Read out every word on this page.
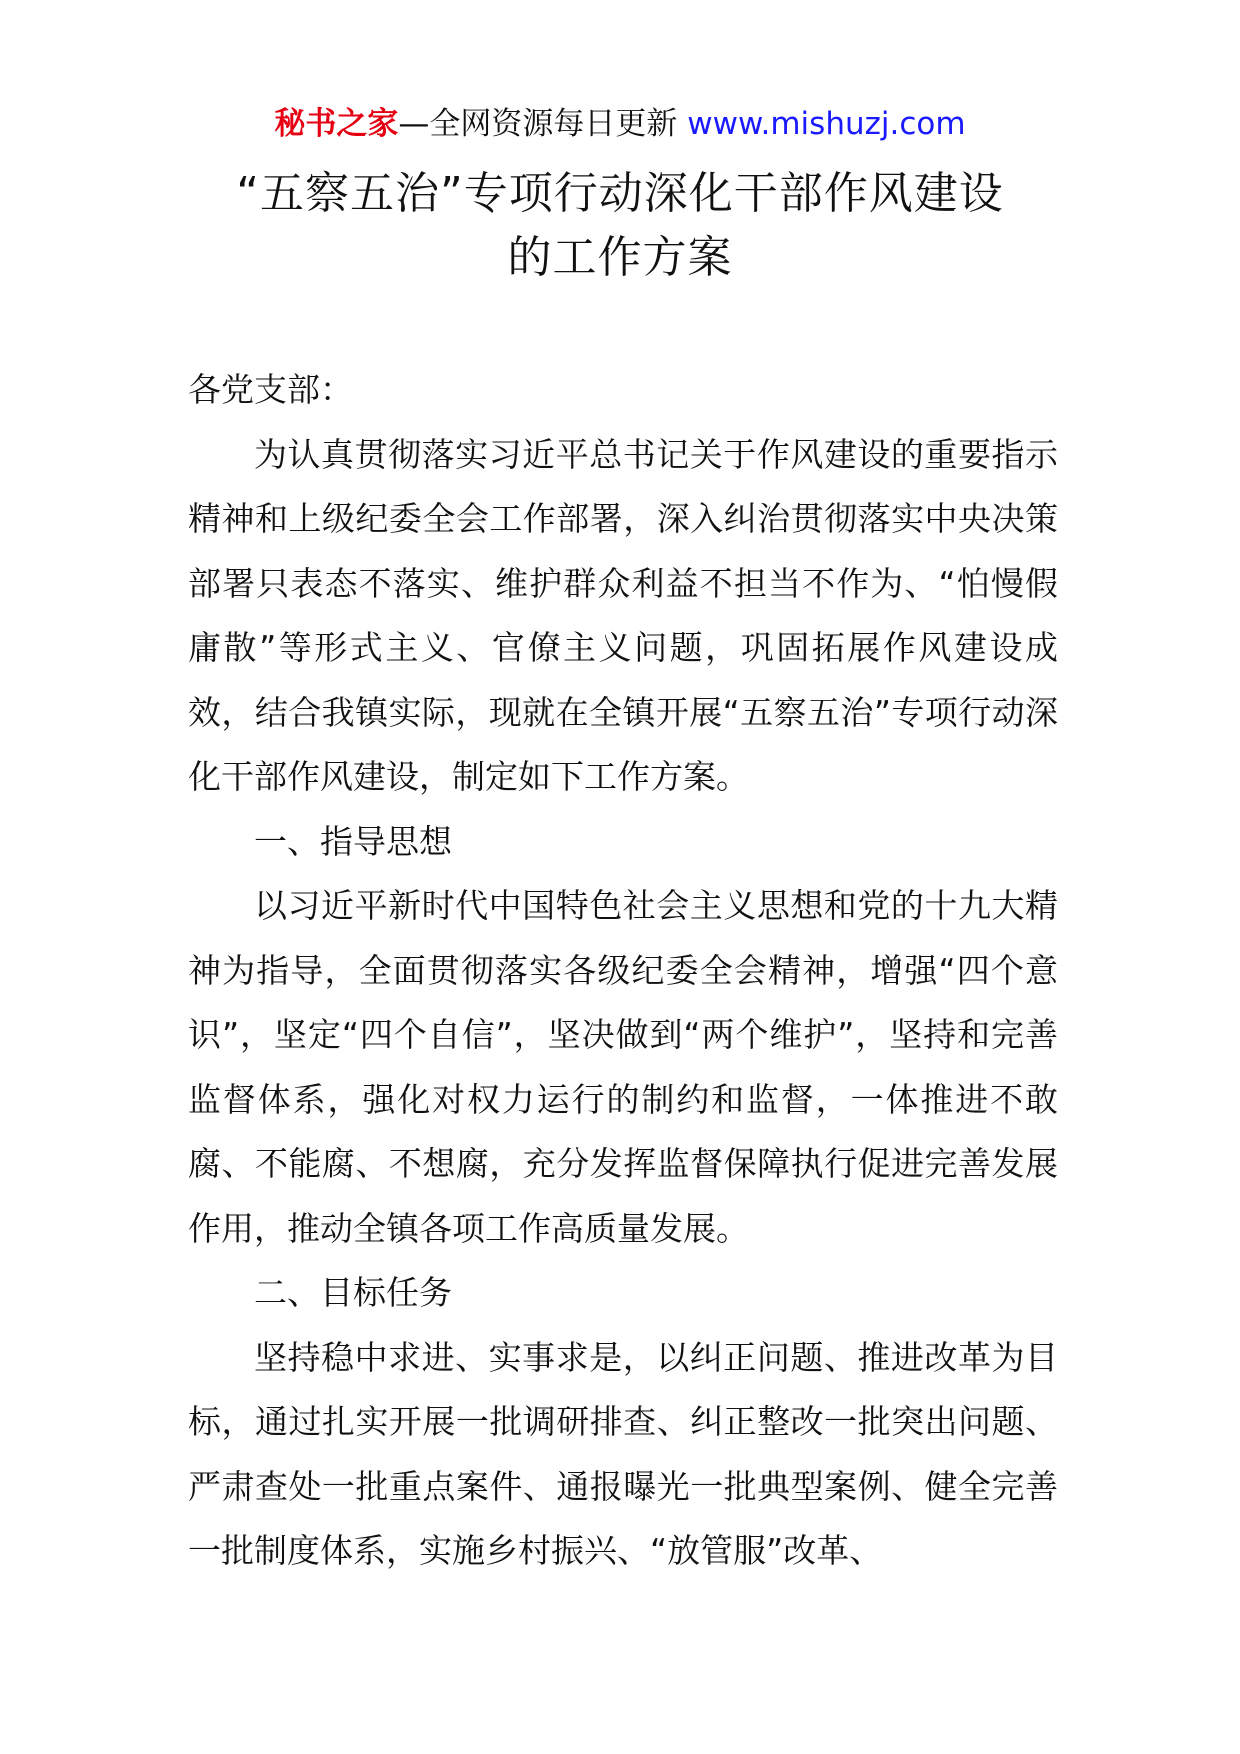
秘书之家—全网资源每日更新 www.mishuzj.com
“五察五治”专项行动深化干部作风建设
的工作方案
各党支部：

为认真贯彻落实习近平总书记关于作风建设的重要指示精神和上级纪委全会工作部署，深入纠治贯彻落实中央决策部署只表态不落实、维护群众利益不担当不作为、“怕慢假庸散”等形式主义、官僚主义问题，巩固拓展作风建设成效，结合我镇实际，现就在全镇开展“五察五治”专项行动深化干部作风建设，制定如下工作方案。

一、指导思想

以习近平新时代中国特色社会主义思想和党的十九大精神为指导，全面贯彻落实各级纪委全会精神，增强“四个意识”，坚定“四个自信”，坚决做到“两个维护”，坚持和完善监督体系，强化对权力运行的制约和监督，一体推进不敢腐、不能腐、不想腐，充分发挥监督保障执行促进完善发展作用，推动全镇各项工作高质量发展。

二、目标任务

坚持稳中求进、实事求是，以纠正问题、推进改革为目标，通过扎实开展一批调研排查、纠正整改一批突出问题、严肃查处一批重点案件、通报曝光一批典型案例、健全完善一批制度体系，实施乡村振兴、“放管服”改革、
